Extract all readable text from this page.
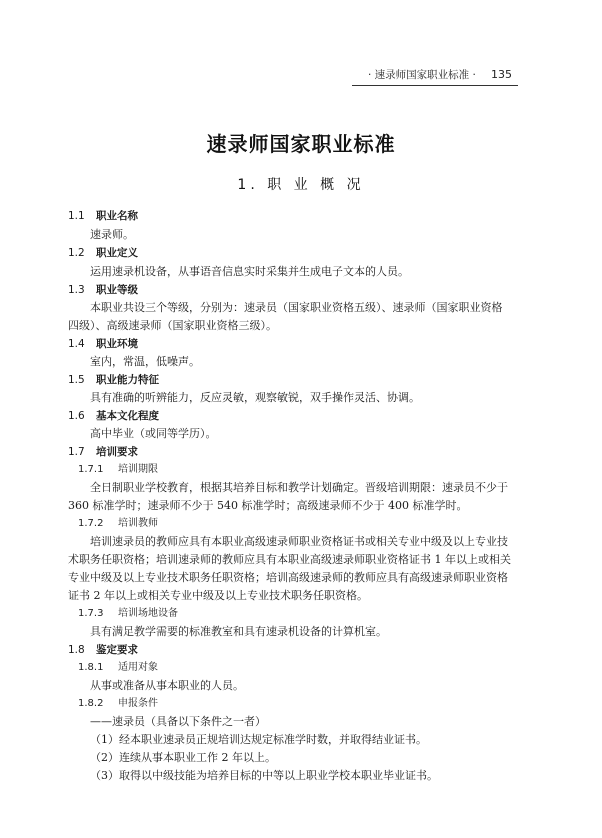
· 速录师国家职业标准 · 135
速录师国家职业标准
1. 职 业 概 况
1.1 职业名称
速录师。
1.2 职业定义
运用速录机设备，从事语音信息实时采集并生成电子文本的人员。
1.3 职业等级
本职业共设三个等级，分别为：速录员（国家职业资格五级）、速录师（国家职业资格
四级）、高级速录师（国家职业资格三级）。
1.4 职业环境
室内，常温，低噪声。
1.5 职业能力特征
具有准确的听辨能力，反应灵敏，观察敏锐，双手操作灵活、协调。
1.6 基本文化程度
高中毕业（或同等学历）。
1.7 培训要求
1.7.1 培训期限
全日制职业学校教育，根据其培养目标和教学计划确定。晋级培训期限：速录员不少于
360 标准学时；速录师不少于 540 标准学时；高级速录师不少于 400 标准学时。
1.7.2 培训教师
培训速录员的教师应具有本职业高级速录师职业资格证书或相关专业中级及以上专业技
术职务任职资格；培训速录师的教师应具有本职业高级速录师职业资格证书 1 年以上或相关
专业中级及以上专业技术职务任职资格；培训高级速录师的教师应具有高级速录师职业资格
证书 2 年以上或相关专业中级及以上专业技术职务任职资格。
1.7.3 培训场地设备
具有满足教学需要的标准教室和具有速录机设备的计算机室。
1.8 鉴定要求
1.8.1 适用对象
从事或准备从事本职业的人员。
1.8.2 申报条件
——速录员（具备以下条件之一者）
（1）经本职业速录员正规培训达规定标准学时数，并取得结业证书。
（2）连续从事本职业工作 2 年以上。
（3）取得以中级技能为培养目标的中等以上职业学校本职业毕业证书。
